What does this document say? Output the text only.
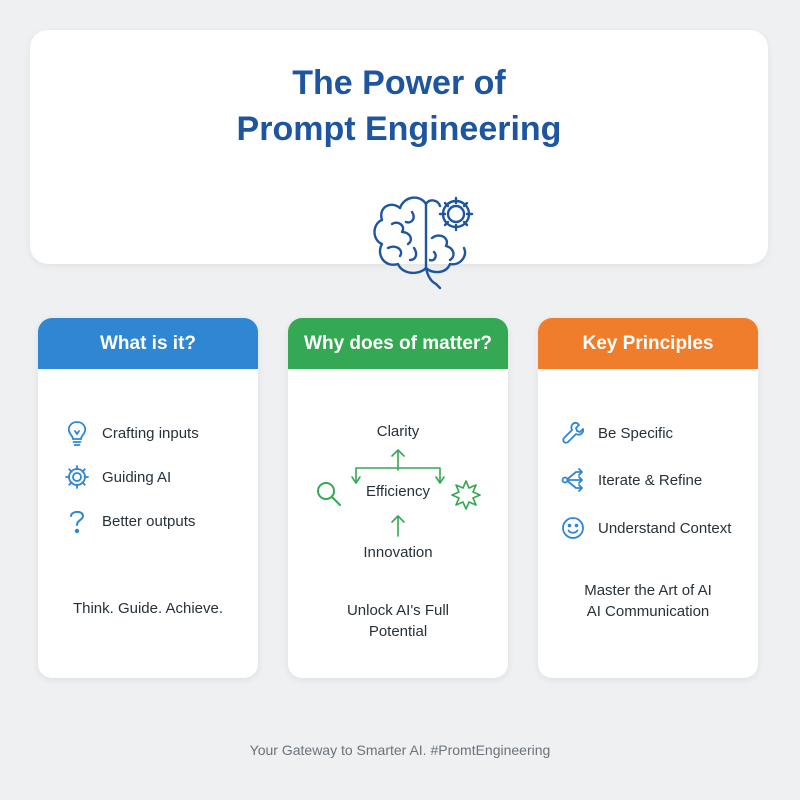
The Power of
Prompt Engineering
What is it?
Crafting inputs
Guiding AI
Better outputs
Think. Guide. Achieve.
Why does of matter?
Clarity
Efficiency
Innovation
Unlock AI's Full
Potential
Key Principles
Be Specific
Iterate & Refine
Understand Context
Master the Art of AI
AI Communication
Your Gateway to Smarter AI. #PromtEngineering
